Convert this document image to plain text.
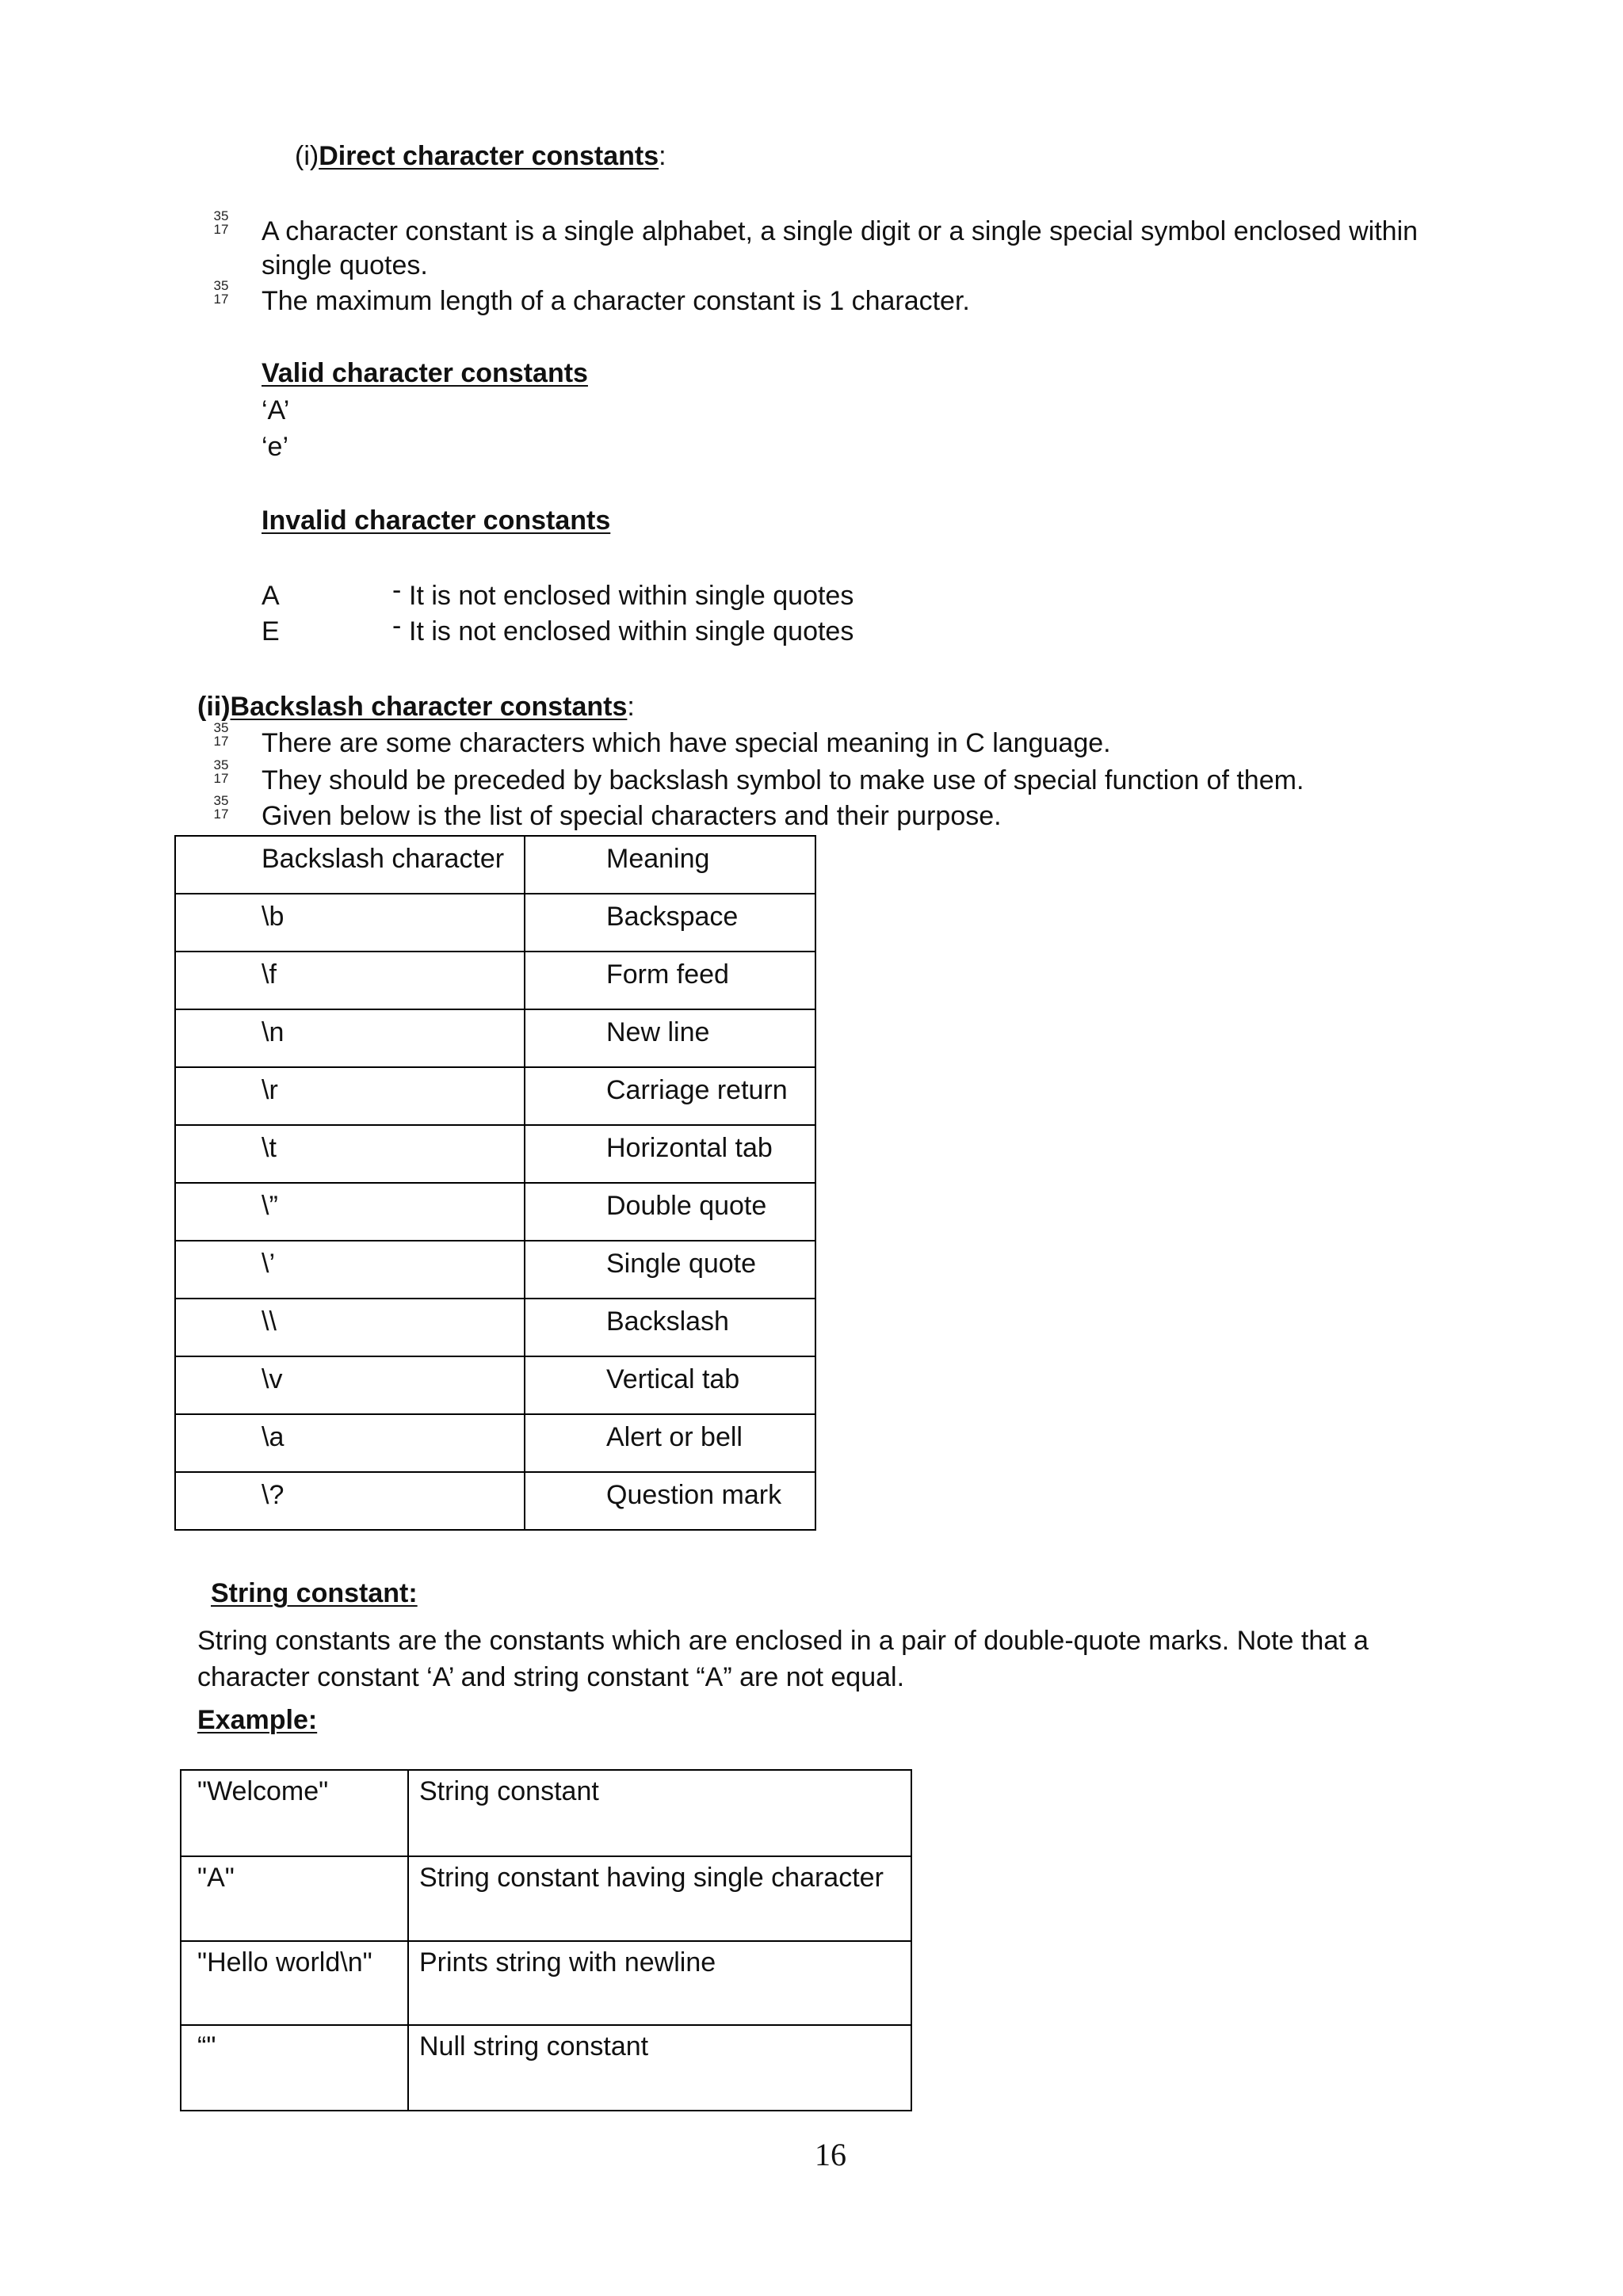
(i)Direct character constants:
35
17 A character constant is a single alphabet, a single digit or a single special symbol enclosed within
single quotes.
35
17 The maximum length of a character constant is 1 character.
Valid character constants
‘A’
‘e’
Invalid character constants
A	- It is not enclosed within single quotes
E	- It is not enclosed within single quotes
(ii)Backslash character constants:
35
17 There are some characters which have special meaning in C language.
35
17 They should be preceded by backslash symbol to make use of special function of them.
35
17 Given below is the list of special characters and their purpose.
Backslash character	Meaning
\b	Backspace
\f	Form feed
\n	New line
\r	Carriage return
\t	Horizontal tab
\”	Double quote
\’	Single quote
\\	Backslash
\v	Vertical tab
\a	Alert or bell
\?	Question mark
String constant:
String constants are the constants which are enclosed in a pair of double-quote marks. Note that a
character constant ‘A’ and string constant “A” are not equal.
Example:
"Welcome"	String constant
"A"	String constant having single character
"Hello world\n"	Prints string with newline
“"	Null string constant
16
